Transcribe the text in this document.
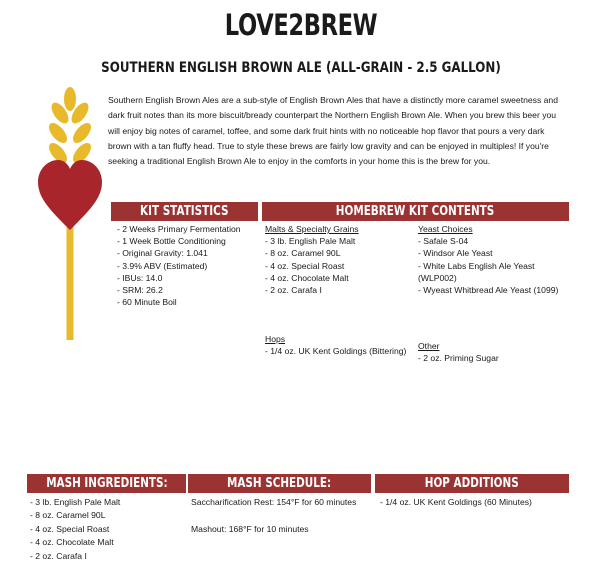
LOVE2BREW
SOUTHERN ENGLISH BROWN ALE (ALL-GRAIN - 2.5 GALLON)
Southern English Brown Ales are a sub-style of English Brown Ales that have a distinctly more caramel sweetness and dark fruit notes than its more biscuit/bready counterpart the Northern English Brown Ale. When you brew this beer you will enjoy big notes of caramel, toffee, and some dark fruit hints with no noticeable hop flavor that pours a very dark brown with a tan fluffy head. True to style these brews are fairly low gravity and can be enjoyed in multiples! If you're seeking a traditional English Brown Ale to enjoy in the comforts in your home this is the brew for you.
KIT STATISTICS
- 2 Weeks Primary Fermentation
- 1 Week Bottle Conditioning
- Original Gravity: 1.041
- 3.9% ABV (Estimated)
- IBUs: 14.0
- SRM: 26.2
- 60 Minute Boil
HOMEBREW KIT CONTENTS
Malts & Specialty Grains
- 3 lb. English Pale Malt
- 8 oz. Caramel 90L
- 4 oz. Special Roast
- 4 oz. Chocolate Malt
- 2 oz. Carafa I
Yeast Choices
- Safale S-04
- Windsor Ale Yeast
- White Labs English Ale Yeast (WLP002)
- Wyeast Whitbread Ale Yeast (1099)
Hops
- 1/4 oz. UK Kent Goldings (Bittering)
Other
- 2 oz. Priming Sugar
MASH INGREDIENTS:	MASH SCHEDULE:	HOP ADDITIONS
- 3 lb. English Pale Malt
- 8 oz. Caramel 90L
- 4 oz. Special Roast
- 4 oz. Chocolate Malt
- 2 oz. Carafa I
Saccharification Rest: 154°F for 60 minutes
Mashout: 168°F for 10 minutes
- 1/4 oz. UK Kent Goldings (60 Minutes)
